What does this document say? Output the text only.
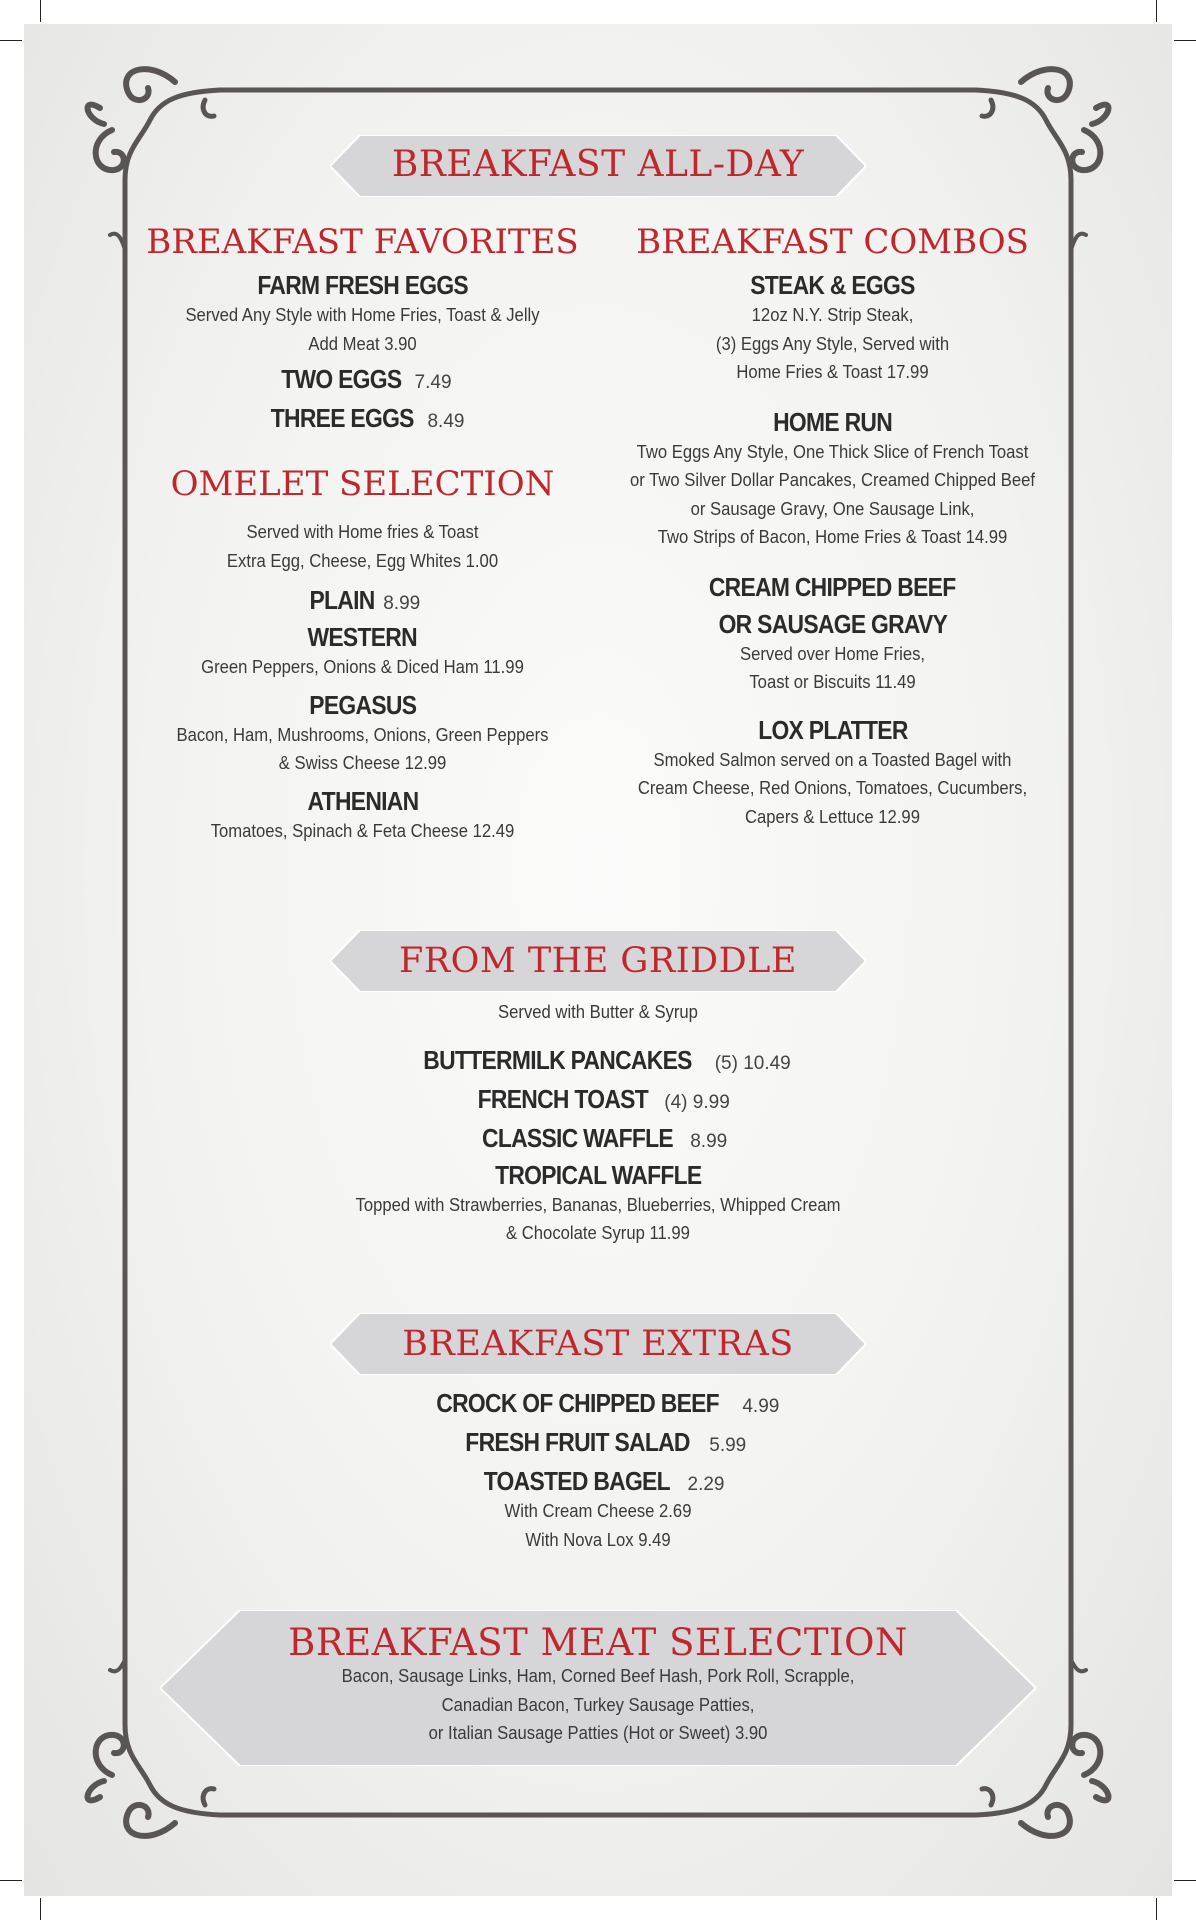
BREAKFAST ALL-DAY
BREAKFAST FAVORITES
FARM FRESH EGGS
Served Any Style with Home Fries, Toast & Jelly
Add Meat 3.90
TWO EGGS 7.49
THREE EGGS 8.49
OMELET SELECTION
Served with Home fries & Toast
Extra Egg, Cheese, Egg Whites 1.00
PLAIN 8.99
WESTERN
Green Peppers, Onions & Diced Ham 11.99
PEGASUS
Bacon, Ham, Mushrooms, Onions, Green Peppers
& Swiss Cheese 12.99
ATHENIAN
Tomatoes, Spinach & Feta Cheese 12.49
BREAKFAST COMBOS
STEAK & EGGS
12oz N.Y. Strip Steak,
(3) Eggs Any Style, Served with
Home Fries & Toast 17.99
HOME RUN
Two Eggs Any Style, One Thick Slice of French Toast
or Two Silver Dollar Pancakes, Creamed Chipped Beef
or Sausage Gravy, One Sausage Link,
Two Strips of Bacon, Home Fries & Toast 14.99
CREAM CHIPPED BEEF
OR SAUSAGE GRAVY
Served over Home Fries,
Toast or Biscuits 11.49
LOX PLATTER
Smoked Salmon served on a Toasted Bagel with
Cream Cheese, Red Onions, Tomatoes, Cucumbers,
Capers & Lettuce 12.99
FROM THE GRIDDLE
Served with Butter & Syrup
BUTTERMILK PANCAKES (5) 10.49
FRENCH TOAST (4) 9.99
CLASSIC WAFFLE 8.99
TROPICAL WAFFLE
Topped with Strawberries, Bananas, Blueberries, Whipped Cream
& Chocolate Syrup 11.99
BREAKFAST EXTRAS
CROCK OF CHIPPED BEEF 4.99
FRESH FRUIT SALAD 5.99
TOASTED BAGEL 2.29
With Cream Cheese 2.69
With Nova Lox 9.49
BREAKFAST MEAT SELECTION
Bacon, Sausage Links, Ham, Corned Beef Hash, Pork Roll, Scrapple,
Canadian Bacon, Turkey Sausage Patties,
or Italian Sausage Patties (Hot or Sweet) 3.90
